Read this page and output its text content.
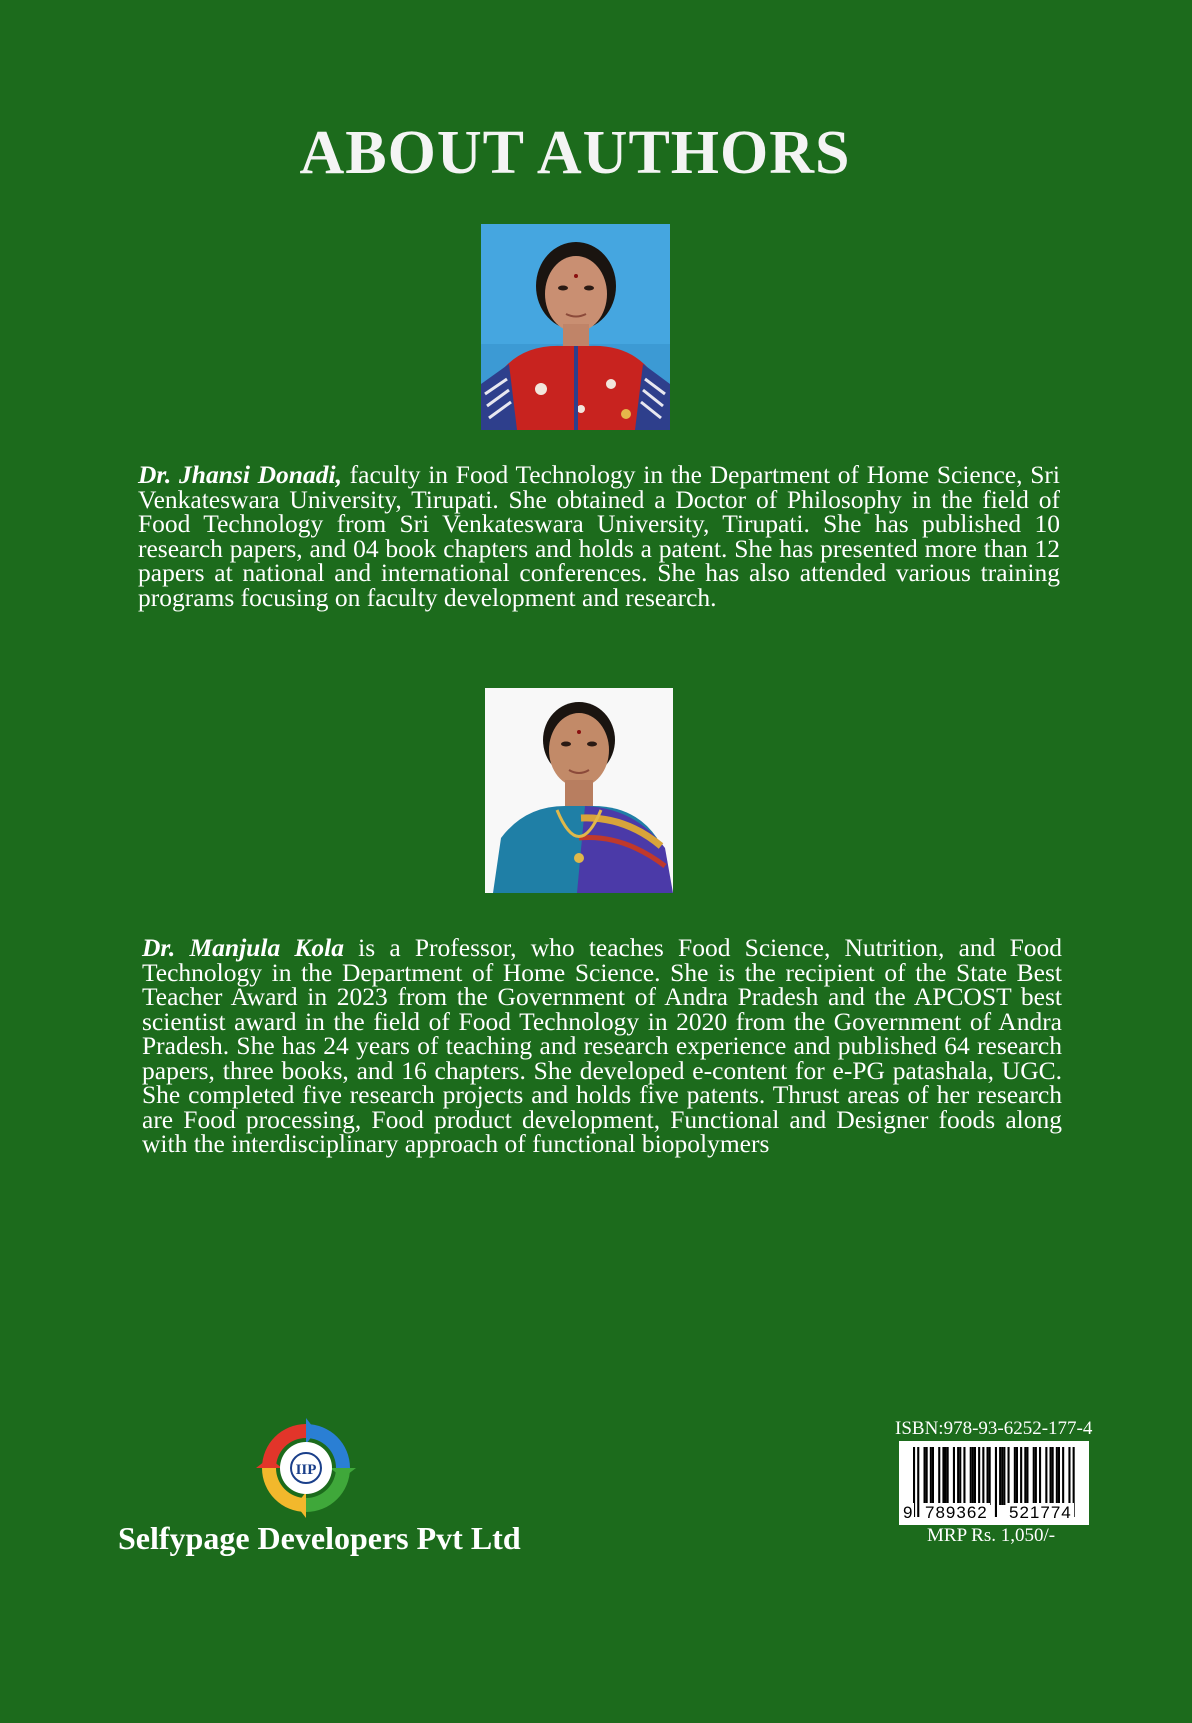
ABOUT AUTHORS
Dr. Jhansi Donadi, faculty in Food Technology in the Department of Home Science, Sri Venkateswara University, Tirupati. She obtained a Doctor of Philosophy in the field of Food Technology from Sri Venkateswara University, Tirupati. She has published 10 research papers, and 04 book chapters and holds a patent. She has presented more than 12 papers at national and international conferences. She has also attended various training programs focusing on faculty development and research.
Dr. Manjula Kola is a Professor, who teaches Food Science, Nutrition, and Food Technology in the Department of Home Science. She is the recipient of the State Best Teacher Award in 2023 from the Government of Andra Pradesh and the APCOST best scientist award in the field of Food Technology in 2020 from the Government of Andra Pradesh. She has 24 years of teaching and research experience and published 64 research papers, three books, and 16 chapters. She developed e-content for e-PG patashala, UGC. She completed five research projects and holds five patents. Thrust areas of her research are Food processing, Food product development, Functional and Designer foods along with the interdisciplinary approach of functional biopolymers
IIP
Selfypage Developers Pvt Ltd
ISBN:978-93-6252-177-4
9 789362 521774
MRP Rs. 1,050/-
